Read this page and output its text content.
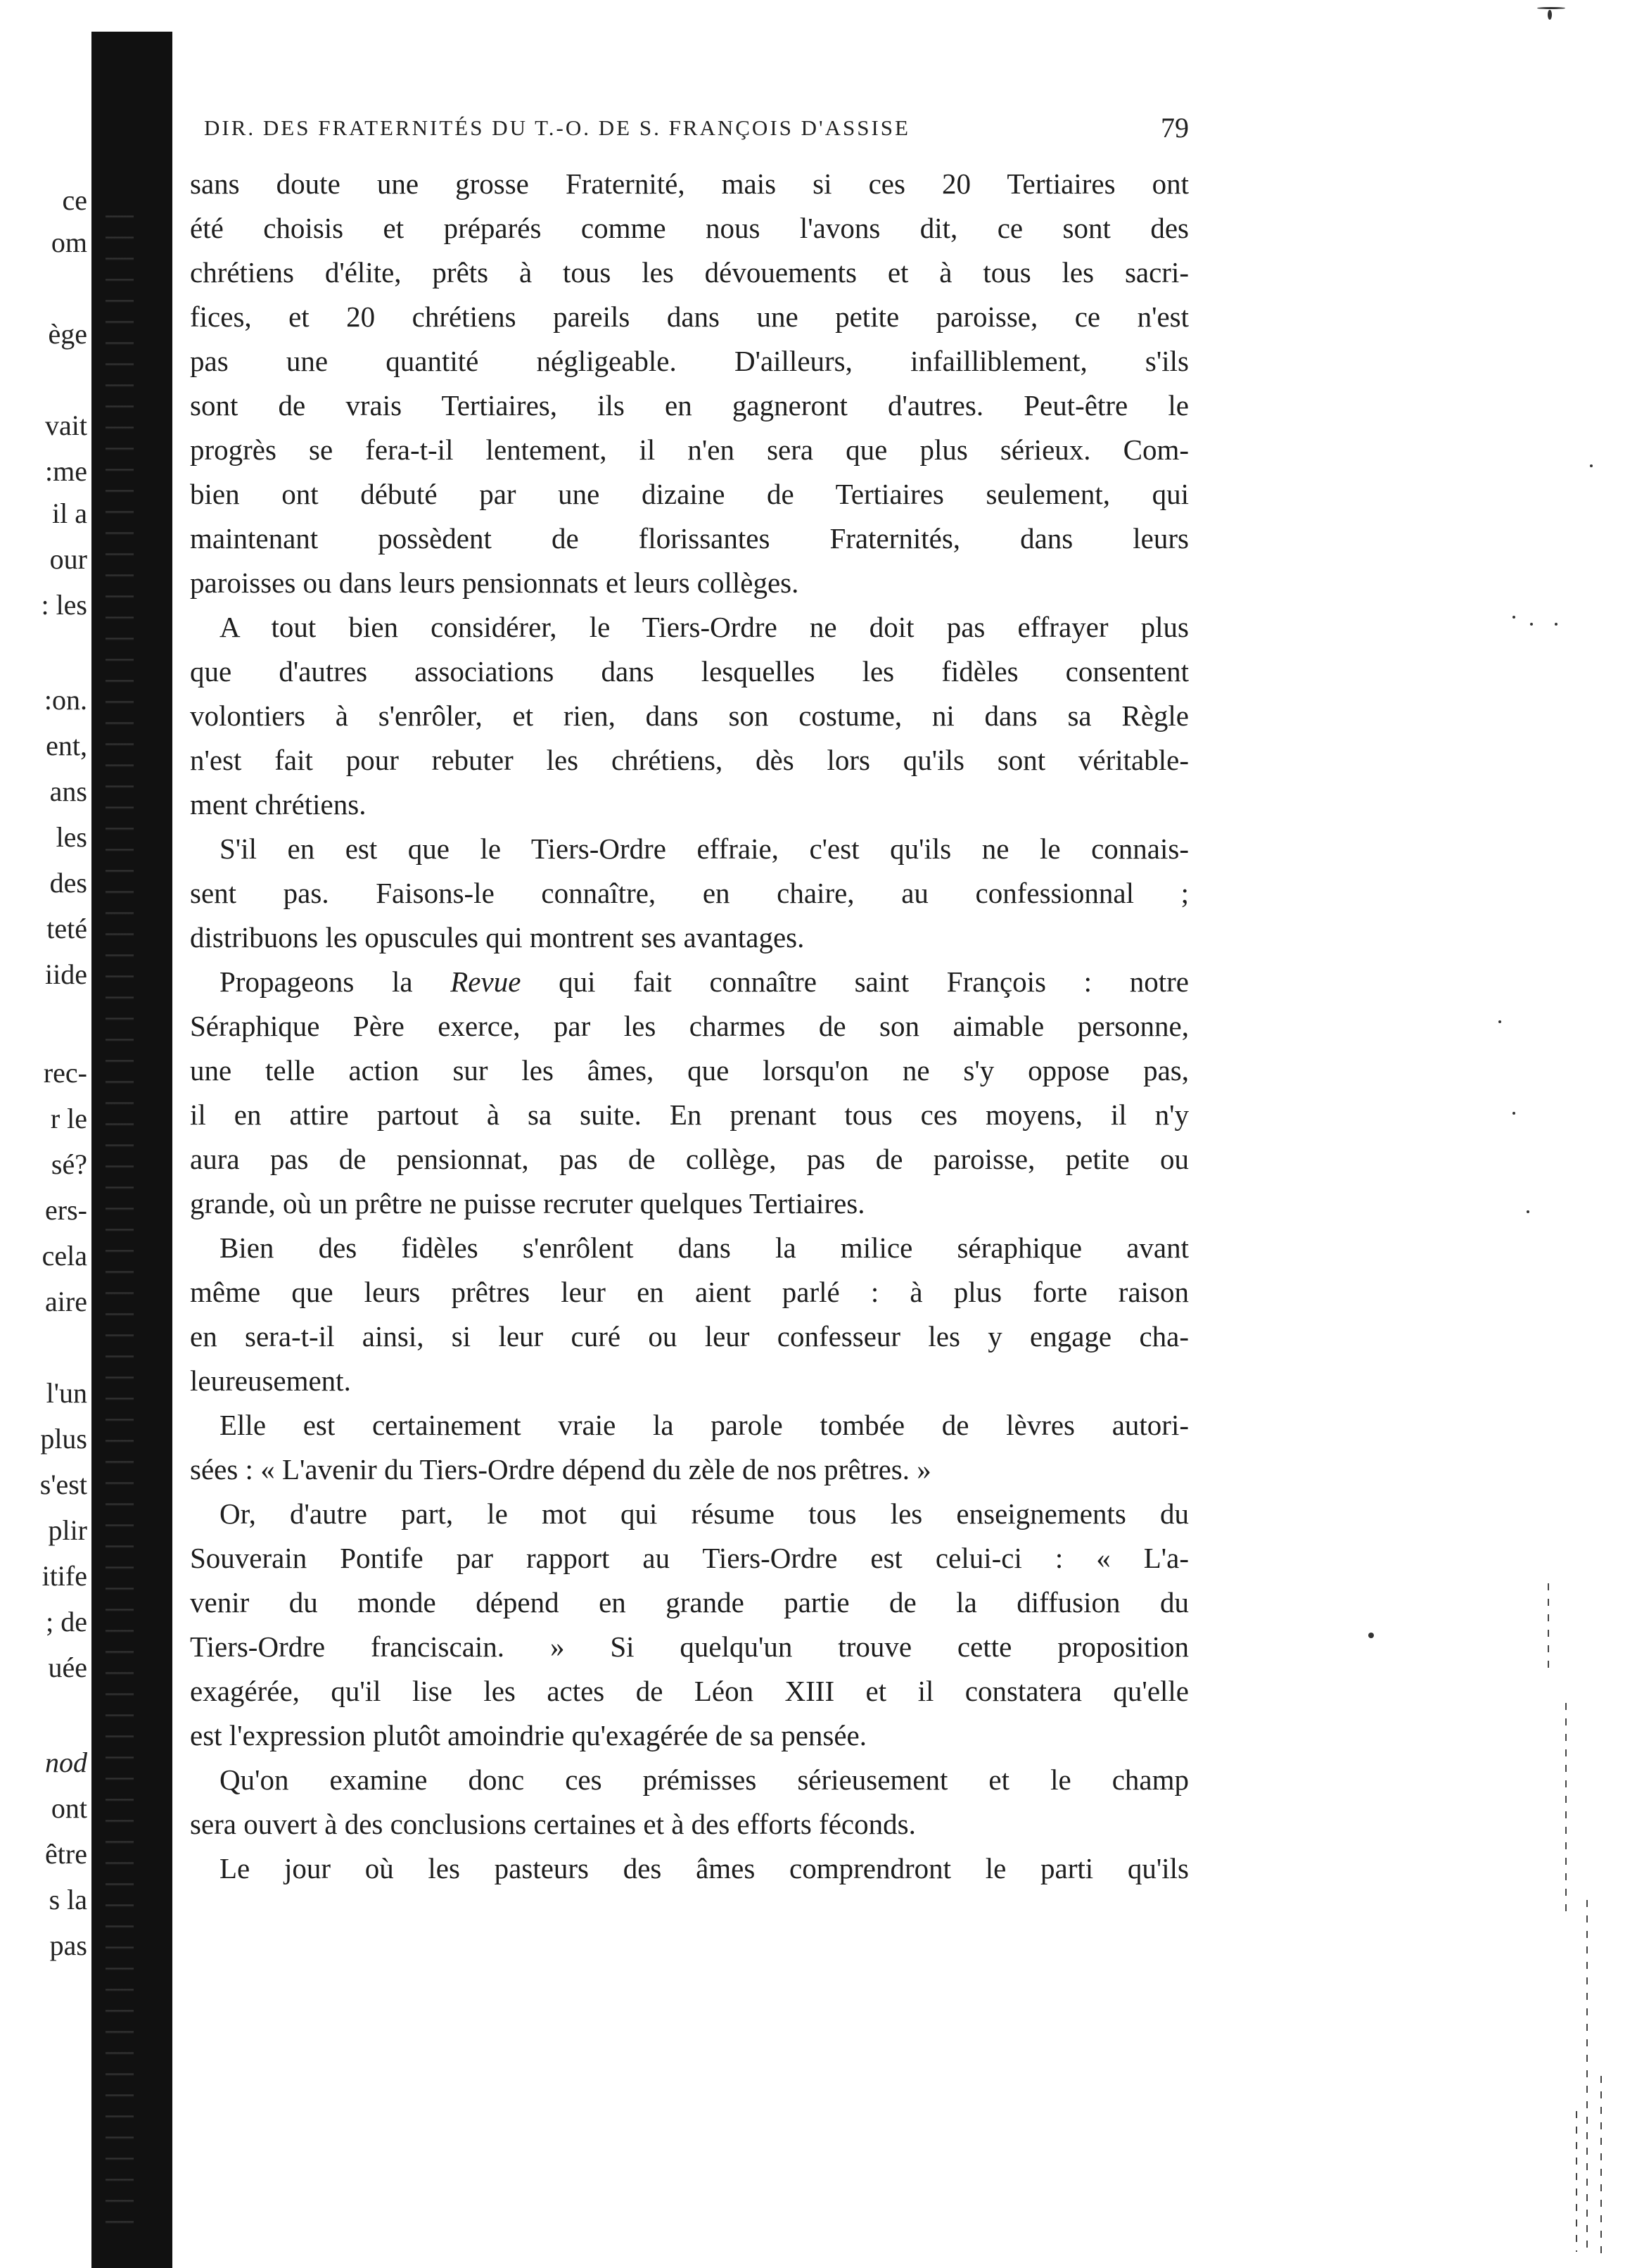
ce
om
ège
vait
:me
il a
our
: les
:on.
ent,
ans
les
des
teté
iide
rec-
r le
sé?
ers-
cela
aire
l'un
plus
s'est
plir
itife
; de
uée
nod
ont
être
s la
pas
DIR. DES FRATERNITÉS DU T.-O. DE S. FRANÇOIS D'ASSISE	79
sans doute une grosse Fraternité, mais si ces 20 Tertiaires ont
été choisis et préparés comme nous l'avons dit, ce sont des
chrétiens d'élite, prêts à tous les dévouements et à tous les sacri-
fices, et 20 chrétiens pareils dans une petite paroisse, ce n'est
pas une quantité négligeable. D'ailleurs, infailliblement, s'ils
sont de vrais Tertiaires, ils en gagneront d'autres. Peut-être le
progrès se fera-t-il lentement, il n'en sera que plus sérieux. Com-
bien ont débuté par une dizaine de Tertiaires seulement, qui
maintenant possèdent de florissantes Fraternités, dans leurs
paroisses ou dans leurs pensionnats et leurs collèges.
A tout bien considérer, le Tiers-Ordre ne doit pas effrayer plus
que d'autres associations dans lesquelles les fidèles consentent
volontiers à s'enrôler, et rien, dans son costume, ni dans sa Règle
n'est fait pour rebuter les chrétiens, dès lors qu'ils sont véritable-
ment chrétiens.
S'il en est que le Tiers-Ordre effraie, c'est qu'ils ne le connais-
sent pas. Faisons-le connaître, en chaire, au confessionnal ;
distribuons les opuscules qui montrent ses avantages.
Propageons la Revue qui fait connaître saint François : notre
Séraphique Père exerce, par les charmes de son aimable personne,
une telle action sur les âmes, que lorsqu'on ne s'y oppose pas,
il en attire partout à sa suite. En prenant tous ces moyens, il n'y
aura pas de pensionnat, pas de collège, pas de paroisse, petite ou
grande, où un prêtre ne puisse recruter quelques Tertiaires.
Bien des fidèles s'enrôlent dans la milice séraphique avant
même que leurs prêtres leur en aient parlé : à plus forte raison
en sera-t-il ainsi, si leur curé ou leur confesseur les y engage cha-
leureusement.
Elle est certainement vraie la parole tombée de lèvres autori-
sées : « L'avenir du Tiers-Ordre dépend du zèle de nos prêtres. »
Or, d'autre part, le mot qui résume tous les enseignements du
Souverain Pontife par rapport au Tiers-Ordre est celui-ci : « L'a-
venir du monde dépend en grande partie de la diffusion du
Tiers-Ordre franciscain. » Si quelqu'un trouve cette proposition
exagérée, qu'il lise les actes de Léon XIII et il constatera qu'elle
est l'expression plutôt amoindrie qu'exagérée de sa pensée.
Qu'on examine donc ces prémisses sérieusement et le champ
sera ouvert à des conclusions certaines et à des efforts féconds.
Le jour où les pasteurs des âmes comprendront le parti qu'ils
